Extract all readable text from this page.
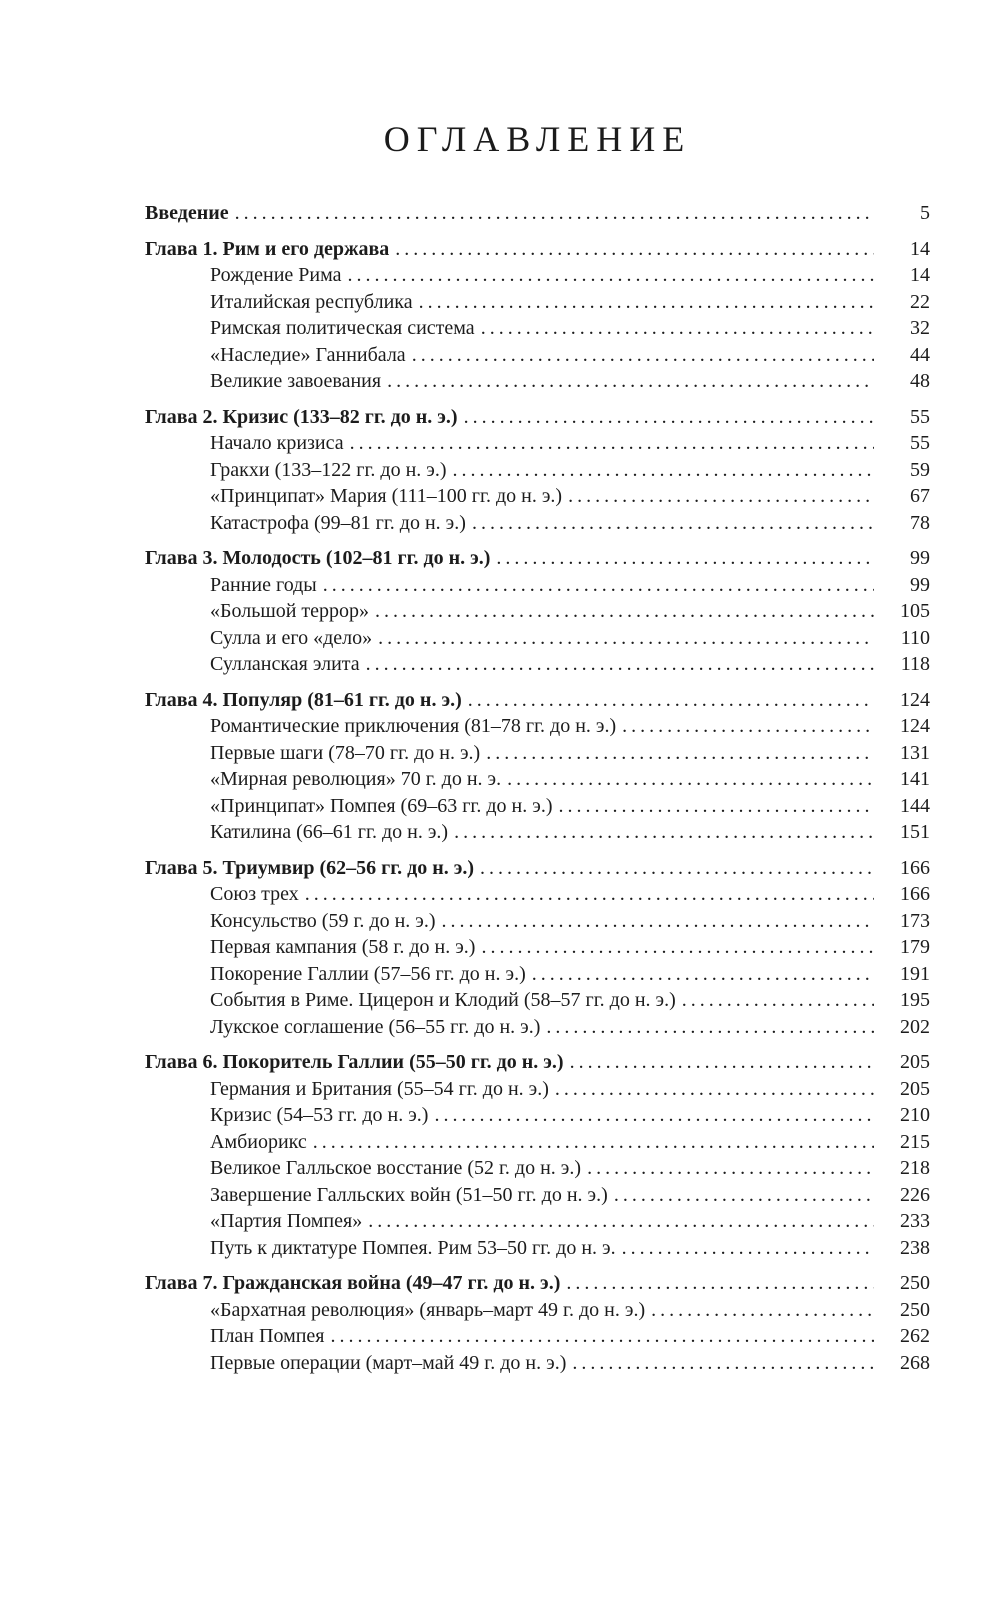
ОГЛАВЛЕНИЕ
Введение .....	5
Глава 1. Рим и его держава .....	14
Рождение Рима .....	14
Италийская республика .....	22
Римская политическая система .....	32
«Наследие» Ганнибала .....	44
Великие завоевания .....	48
Глава 2. Кризис (133–82 гг. до н. э.) .....	55
Начало кризиса .....	55
Гракхи (133–122 гг. до н. э.) .....	59
«Принципат» Мария (111–100 гг. до н. э.) .....	67
Катастрофа (99–81 гг. до н. э.) .....	78
Глава 3. Молодость (102–81 гг. до н. э.) .....	99
Ранние годы .....	99
«Большой террор» .....	105
Сулла и его «дело» .....	110
Сулланская элита .....	118
Глава 4. Популяр (81–61 гг. до н. э.) .....	124
Романтические приключения (81–78 гг. до н. э.) .....	124
Первые шаги (78–70 гг. до н. э.) .....	131
«Мирная революция» 70 г. до н. э. .....	141
«Принципат» Помпея (69–63 гг. до н. э.) .....	144
Катилина (66–61 гг. до н. э.) .....	151
Глава 5. Триумвир (62–56 гг. до н. э.) .....	166
Союз трех .....	166
Консульство (59 г. до н. э.) .....	173
Первая кампания (58 г. до н. э.) .....	179
Покорение Галлии (57–56 гг. до н. э.) .....	191
События в Риме. Цицерон и Клодий (58–57 гг. до н. э.) .....	195
Лукское соглашение (56–55 гг. до н. э.) .....	202
Глава 6. Покоритель Галлии (55–50 гг. до н. э.) .....	205
Германия и Британия (55–54 гг. до н. э.) .....	205
Кризис (54–53 гг. до н. э.) .....	210
Амбиорикс .....	215
Великое Галльское восстание (52 г. до н. э.) .....	218
Завершение Галльских войн (51–50 гг. до н. э.) .....	226
«Партия Помпея» .....	233
Путь к диктатуре Помпея. Рим 53–50 гг. до н. э. .....	238
Глава 7. Гражданская война (49–47 гг. до н. э.) .....	250
«Бархатная революция» (январь–март 49 г. до н. э.) .....	250
План Помпея .....	262
Первые операции (март–май 49 г. до н. э.) .....	268
